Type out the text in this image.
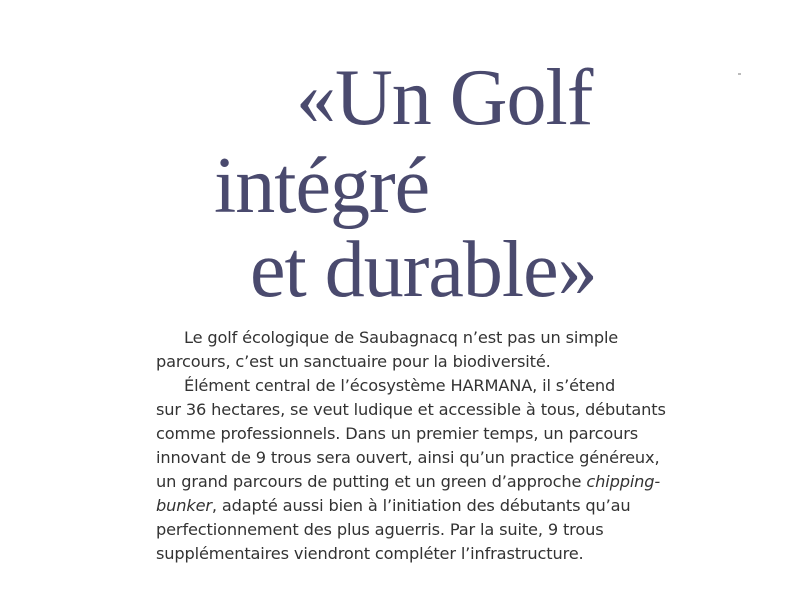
«Un Golf
intégré
et durable»
Le golf écologique de Saubagnacq n’est pas un simple
parcours, c’est un sanctuaire pour la biodiversité.
Élément central de l’écosystème HARMANA, il s’étend
sur 36 hectares, se veut ludique et accessible à tous, débutants
comme professionnels. Dans un premier temps, un parcours
innovant de 9 trous sera ouvert, ainsi qu’un practice généreux,
un grand parcours de putting et un green d’approche chipping-
bunker, adapté aussi bien à l’initiation des débutants qu’au
perfectionnement des plus aguerris. Par la suite, 9 trous
supplémentaires viendront compléter l’infrastructure.
